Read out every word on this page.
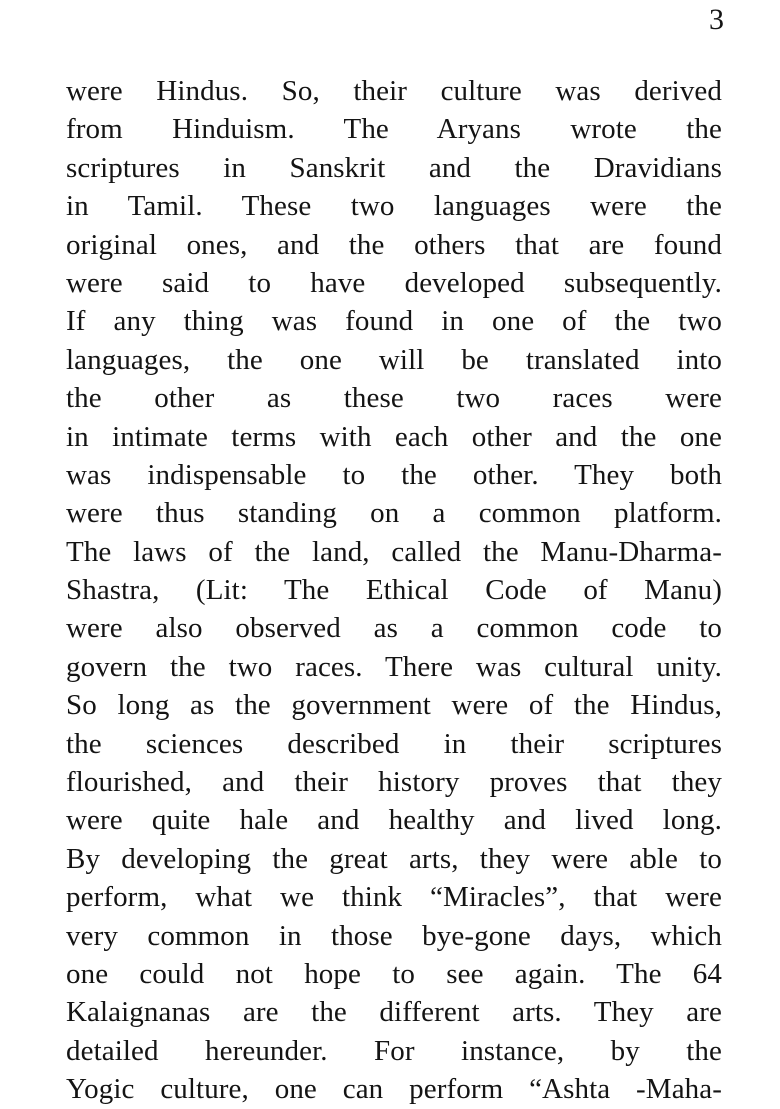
3
were Hindus. So, their culture was derived
from Hinduism. The Aryans wrote the
scriptures in Sanskrit and the Dravidians
in Tamil. These two languages were the
original ones, and the others that are found
were said to have developed subsequently.
If any thing was found in one of the two
languages, the one will be translated into
the other as these two races were
in intimate terms with each other and the one
was indispensable to the other. They both
were thus standing on a common platform.
The laws of the land, called the Manu-Dharma-
Shastra, (Lit: The Ethical Code of Manu)
were also observed as a common code to
govern the two races. There was cultural unity.
So long as the government were of the Hindus,
the sciences described in their scriptures
flourished, and their history proves that they
were quite hale and healthy and lived long.
By developing the great arts, they were able to
perform, what we think “Miracles”, that were
very common in those bye-gone days, which
one could not hope to see again. The 64
Kalaignanas are the different arts. They are
detailed hereunder. For instance, by the
Yogic culture, one can perform “Ashta -Maha-
